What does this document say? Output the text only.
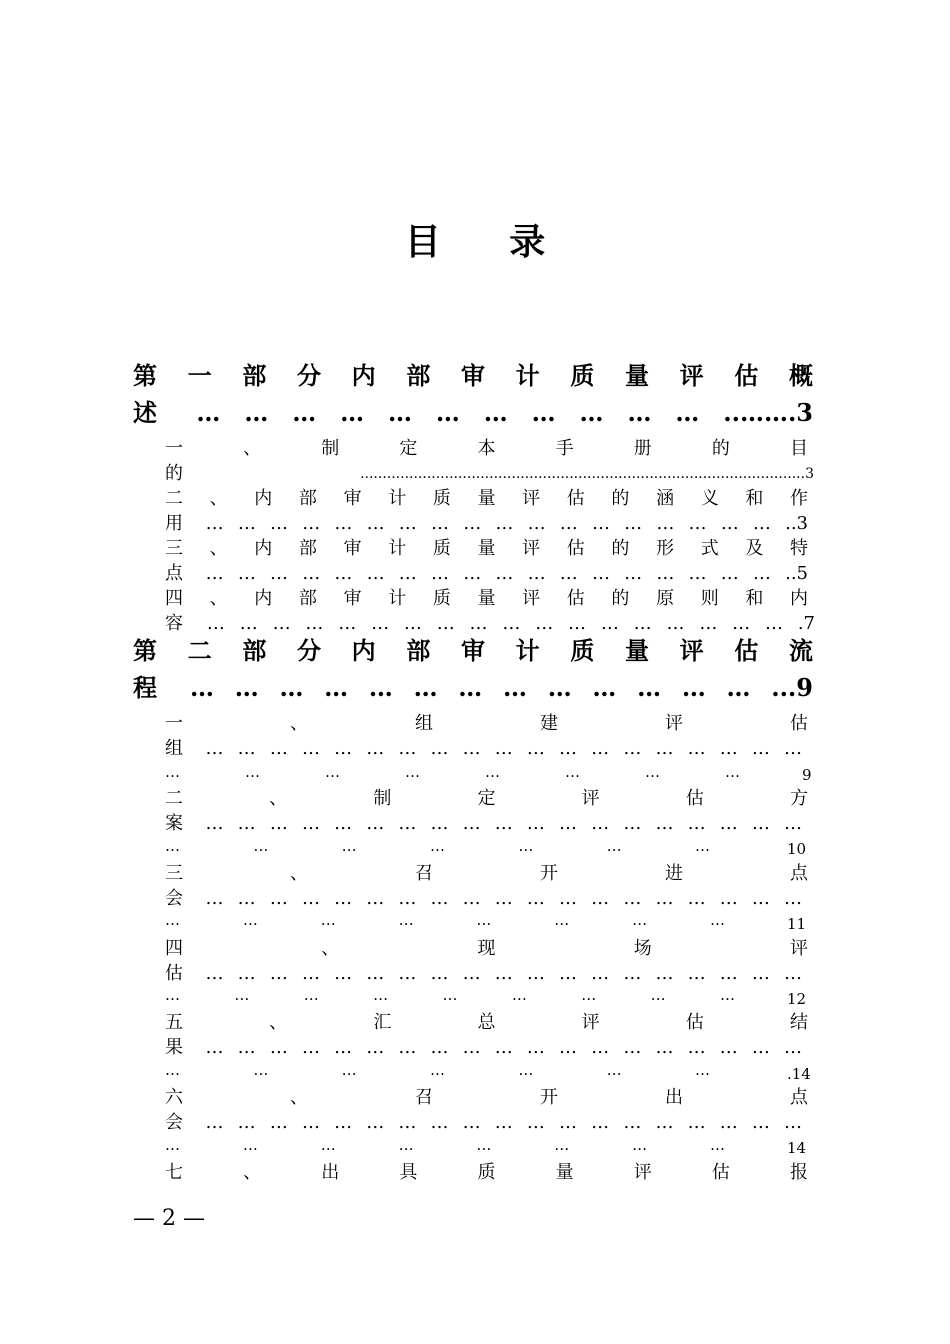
目 录
第 一 部 分 内 部 审 计 质 量 评 估 概
述 … … … … … … … … … … … ..…….3
一 、 制 定 本 手 册 的 目
的	....................................................................................................3
二 、 内 部 审 计 质 量 评 估 的 涵 义 和 作
用 … … … … … … … … … … … … … … … … … … ..3
三 、 内 部 审 计 质 量 评 估 的 形 式 及 特
点 … … … … … … … … … … … … … … … … … … ..5
四 、 内 部 审 计 质 量 评 估 的 原 则 和 内
容 … … … … … … … … … … … … … … … … … … .7
第 二 部 分 内 部 审 计 质 量 评 估 流
程 … … … … … … … … … … … … … ...9
一 、 组 建 评 估
组 … … … … … … … … … … … … … … … … … … …
… … … … … … … …	9
二 、 制 定 评 估 方
案 … … … … … … … … … … … … … … … … … … …
… … … … … … …	10
三 、 召 开 进 点
会 … … … … … … … … … … … … … … … … … … …
… … … … … … … …	11
四 、 现 场 评
估 … … … … … … … … … … … … … … … … … … …
… … … … … … … … …	12
五 、 汇 总 评 估 结
果 … … … … … … … … … … … … … … … … … … …
… … … … … … …	.14
六 、 召 开 出 点
会 … … … … … … … … … … … … … … … … … … …
… … … … … … … …	14
七 、 出 具 质 量 评 估 报
— 2 —
